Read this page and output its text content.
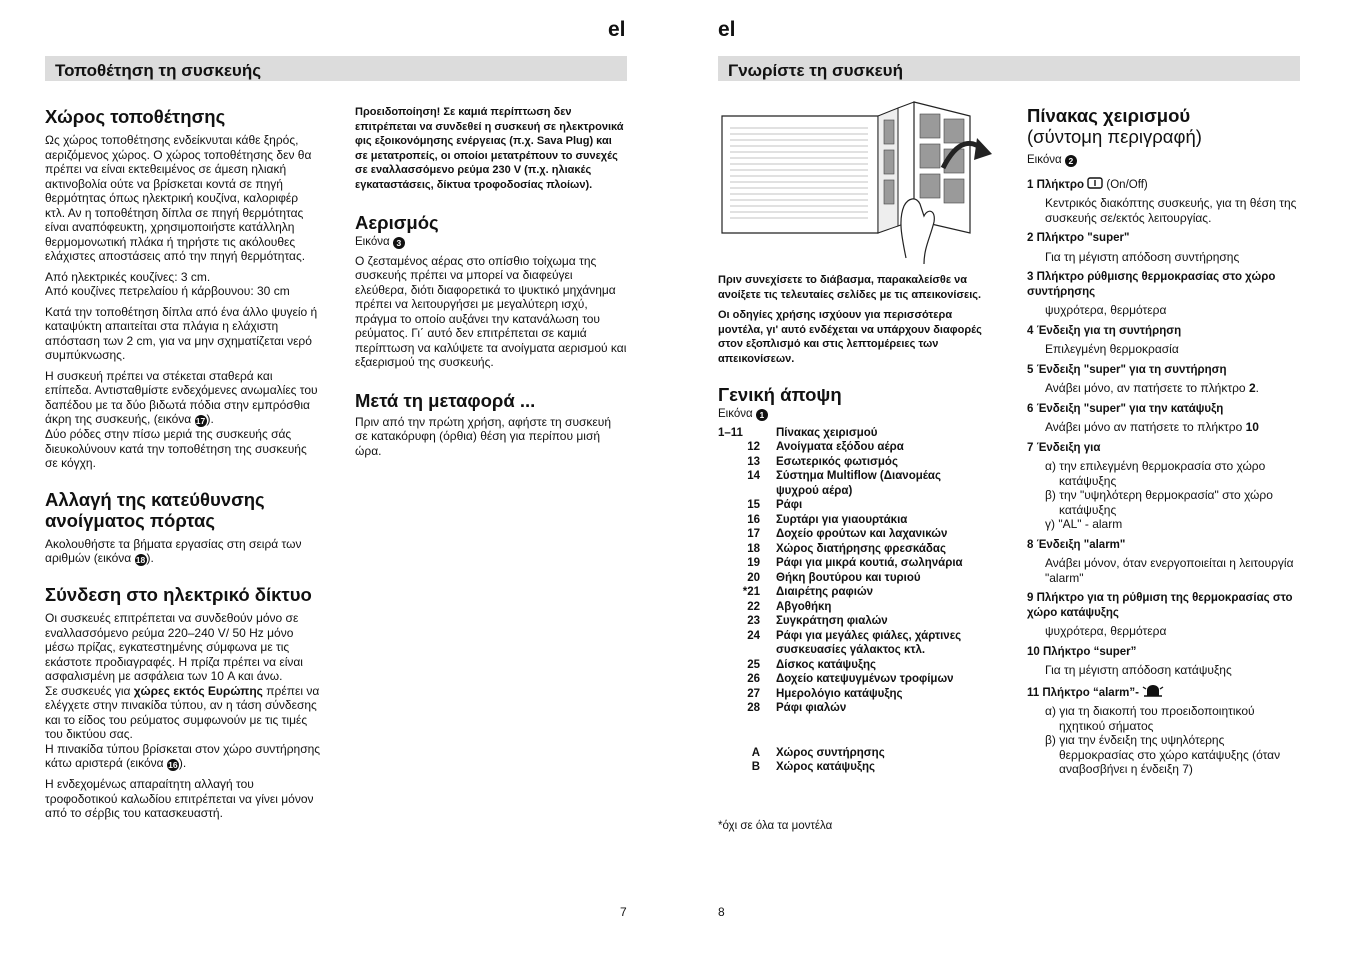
el
Τοποθέτηση τη συσκευής
Χώρος τοποθέτησης

Ως χώρος τοποθέτησης ενδείκνυται κάθε ξηρός, αεριζόμενος χώρος. Ο χώρος τοποθέτησης δεν θα πρέπει να είναι εκτεθειμένος σε άμεση ηλιακή ακτινοβολία ούτε να βρίσκεται κοντά σε πηγή θερμότητας όπως ηλεκτρική κουζίνα, καλοριφέρ κτλ. Αν η τοποθέτηση δίπλα σε πηγή θερμότητας είναι αναπόφευκτη, χρησιμοποιήστε κατάλληλη θερμομονωτική πλάκα ή τηρήστε τις ακόλουθες ελάχιστες αποστάσεις από την πηγή θερμότητας.

Από ηλεκτρικές κουζίνες: 3 cm.
Από κουζίνες πετρελαίου ή κάρβουνου: 30 cm

Κατά την τοποθέτηση δίπλα από ένα άλλο ψυγείο ή καταψύκτη απαιτείται στα πλάγια η ελάχιστη απόσταση των 2 cm, για να μην σχηματίζεται νερό συμπύκνωσης.

Η συσκευή πρέπει να στέκεται σταθερά και επίπεδα. Αντισταθμίστε ενδεχόμενες ανωμαλίες του δαπέδου με τα δύο βιδωτά πόδια στην εμπρόσθια άκρη της συσκευής, (εικόνα 17).

Δύο ρόδες στην πίσω μεριά της συσκευής σάς διευκολύνουν κατά την τοποθέτηση της συσκευής σε κόγχη.

Αλλαγή της κατεύθυνσης ανοίγματος πόρτας

Ακολουθήστε τα βήματα εργασίας στη σειρά των αριθμών (εικόνα 18).

Σύνδεση στο ηλεκτρικό δίκτυο

Οι συσκευές επιτρέπεται να συνδεθούν μόνο σε εναλλασσόμενο ρεύμα 220–240 V/ 50 Hz μόνο μέσω πρίζας, εγκατεστημένης σύμφωνα με τις εκάστοτε προδιαγραφές. Η πρίζα πρέπει να είναι ασφαλισμένη με ασφάλεια των 10 A και άνω.

Σε συσκευές για χώρες εκτός Ευρώπης πρέπει να ελέγχετε στην πινακίδα τύπου, αν η τάση σύνδεσης και το είδος του ρεύματος συμφωνούν με τις τιμές του δικτύου σας.

Η πινακίδα τύπου βρίσκεται στον χώρο συντήρησης κάτω αριστερά (εικόνα 16).

Η ενδεχομένως απαραίτητη αλλαγή του τροφοδοτικού καλωδίου επιτρέπεται να γίνει μόνον από το σέρβις του κατασκευαστή.

Προειδοποίηση! Σε καμιά περίπτωση δεν επιτρέπεται να συνδεθεί η συσκευή σε ηλεκτρονικά φις εξοικονόμησης ενέργειας (π.χ. Sava Plug) και σε μετατροπείς, οι οποίοι μετατρέπουν το συνεχές σε εναλλασσόμενο ρεύμα 230 V (π.χ. ηλιακές εγκαταστάσεις, δίκτυα τροφοδοσίας πλοίων).

Αερισμός
Εικόνα 3

Ο ζεσταμένος αέρας στο οπίσθιο τοίχωμα της συσκευής πρέπει να μπορεί να διαφεύγει ελεύθερα, διότι διαφορετικά το ψυκτικό μηχάνημα πρέπει να λειτουργήσει με μεγαλύτερη ισχύ, πράγμα το οποίο αυξάνει την κατανάλωση του ρεύματος. Γι΄ αυτό δεν επιτρέπεται σε καμιά περίπτωση να καλύψετε τα ανοίγματα αερισμού και εξαερισμού της συσκευής.

Μετά τη μεταφορά ...

Πριν από την πρώτη χρήση, αφήστε τη συσκευή σε κατακόρυφη (όρθια) θέση για περίπου μισή ώρα.

7
el
Γνωρίστε τη συσκευή

Πριν συνεχίσετε το διάβασμα, παρακαλείσθε να ανοίξετε τις τελευταίες σελίδες με τις απεικονίσεις.

Οι οδηγίες χρήσης ισχύουν για περισσότερα μοντέλα, γι' αυτό ενδέχεται να υπάρχουν διαφορές στον εξοπλισμό και στις λεπτομέρειες των απεικονίσεων.

Γενική άποψη
Εικόνα 1
1–11	Πίνακας χειρισμού
12	Ανοίγματα εξόδου αέρα
13	Εσωτερικός φωτισμός
14	Σύστημα Multiflow (Διανομέας ψυχρού αέρα)
15	Ράφι
16	Συρτάρι για γιαουρτάκια
17	Δοχείο φρούτων και λαχανικών
18	Χώρος διατήρησης φρεσκάδας
19	Ράφι για μικρά κουτιά, σωληνάρια
20	Θήκη βουτύρου και τυριού
*21	Διαιρέτης ραφιών
22	Αβγοθήκη
23	Συγκράτηση φιαλών
24	Ράφι για μεγάλες φιάλες, χάρτινες συσκευασίες γάλακτος κτλ.
25	Δίσκος κατάψυξης
26	Δοχείο κατεψυγμένων τροφίμων
27	Ημερολόγιο κατάψυξης
28	Ράφι φιαλών
A	Χώρος συντήρησης
B	Χώρος κατάψυξης

*όχι σε όλα τα μοντέλα

Πίνακας χειρισμού
(σύντομη περιγραφή)
Εικόνα 2
1 Πλήκτρο  (On/Off)
Κεντρικός διακόπτης συσκευής, για τη θέση της συσκευής σε/εκτός λειτουργίας.
2 Πλήκτρο "super"
Για τη μέγιστη απόδοση συντήρησης
3 Πλήκτρο ρύθμισης θερμοκρασίας στο χώρο συντήρησης
ψυχρότερα, θερμότερα
4 Ένδειξη για τη συντήρηση
Επιλεγμένη θερμοκρασία
5 Ένδειξη "super" για τη συντήρηση
Ανάβει μόνο, αν πατήσετε το πλήκτρο 2.
6 Ένδειξη "super" για την κατάψυξη
Ανάβει μόνο αν πατήσετε το πλήκτρο 10
7 Ένδειξη για
α) την επιλεγμένη θερμοκρασία στο χώρο κατάψυξης
β) την "υψηλότερη θερμοκρασία" στο χώρο κατάψυξης
γ) "AL" - alarm
8 Ένδειξη "alarm"
Ανάβει μόνον, όταν ενεργοποιείται η λειτουργία "alarm"
9 Πλήκτρο για τη ρύθμιση της θερμοκρασίας στο χώρο κατάψυξης
ψυχρότερα, θερμότερα
10 Πλήκτρο “super”
Για τη μέγιστη απόδοση κατάψυξης
11 Πλήκτρο “alarm”-
α) για τη διακοπή του προειδοποιητικού ηχητικού σήματος
β) για την ένδειξη της υψηλότερης θερμοκρασίας στο χώρο κατάψυξης (όταν αναβοσβήνει η ένδειξη 7)
8
